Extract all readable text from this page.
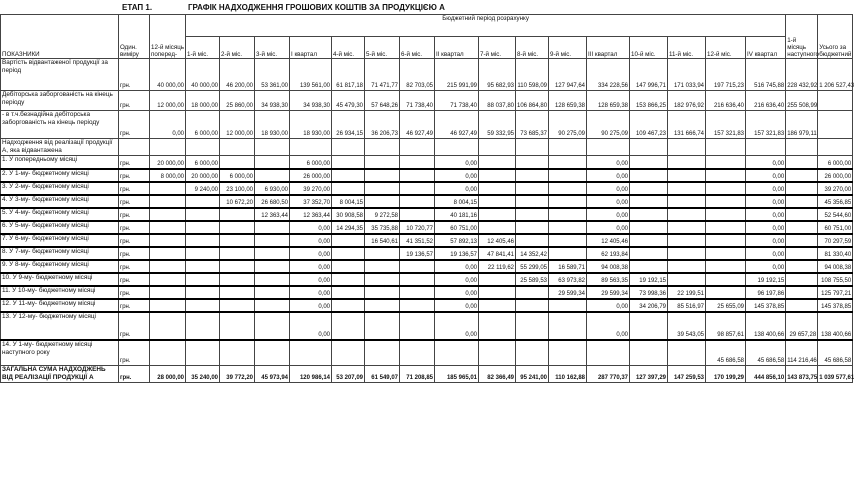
ЕТАП 1.	ГРАФІК НАДХОДЖЕННЯ ГРОШОВИХ КОШТІВ ЗА ПРОДУКЦІЄЮ А
ПОКАЗНИКИ	Один. виміру	12-й місяць поперед-	Бюджетний період розрахунку																1-й місяць наступного	Усього за бюджетний
			1-й міс.	2-й міс.	3-й міс.	І квартал	4-й міс.	5-й міс.	6-й міс.	ІІ квартал	7-й міс.	8-й міс.	9-й міс.	ІІІ квартал	10-й міс.	11-й міс.	12-й міс.	ІV квартал		
Вартість відвантаженої продукції за період	грн.	40 000,00	40 000,00	46 200,00	53 361,00	139 561,00	61 817,18	71 471,77	82 703,05	215 991,99	95 682,93	110 598,09	127 947,64	334 228,56	147 996,71	171 033,94	197 715,23	516 745,88	228 432,92	1 206 527,43
Дебіторська заборгованість на кінець періоду	грн.	12 000,00	18 000,00	25 860,00	34 938,30	34 938,30	45 479,30	57 648,26	71 738,40	71 738,40	88 037,80	106 864,80	128 659,38	128 659,38	153 866,25	182 976,92	216 636,40	216 636,40	255 508,99	
- в т.ч.безнадійна дебіторська заборгованість на кінець періоду	грн.	0,00	6 000,00	12 000,00	18 930,00	18 930,00	26 934,15	36 206,73	46 927,49	46 927,49	59 332,95	73 685,37	90 275,09	90 275,09	109 467,23	131 666,74	157 321,83	157 321,83	186 979,11	
Надходження від реалізації продукції А, яка відвантажена																				
1. У попередньому місяці	грн.	20 000,00	6 000,00			6 000,00				0,00				0,00				0,00		6 000,00
2. У 1-му- бюджетному місяці	грн.	8 000,00	20 000,00	6 000,00		26 000,00				0,00				0,00				0,00		26 000,00
3. У 2-му- бюджетному місяці	грн.		9 240,00	23 100,00	6 930,00	39 270,00				0,00				0,00				0,00		39 270,00
4. У 3-му- бюджетному місяці	грн.			10 672,20	26 680,50	37 352,70	8 004,15			8 004,15				0,00				0,00		45 356,85
5. У 4-му- бюджетному місяці	грн.				12 363,44	12 363,44	30 908,58	9 272,58		40 181,16				0,00				0,00		52 544,60
6. У 5-му- бюджетному місяці	грн.					0,00	14 294,35	35 735,88	10 720,77	60 751,00				0,00				0,00		60 751,00
7. У 6-му- бюджетному місяці	грн.					0,00		16 540,61	41 351,52	57 892,13	12 405,46			12 405,46				0,00		70 297,59
8. У 7-му- бюджетному місяці	грн.					0,00			19 136,57	19 136,57	47 841,41	14 352,42		62 193,84				0,00		81 330,40
9. У 8-му- бюджетному місяці	грн.					0,00				0,00	22 119,62	55 299,05	16 589,71	94 008,38				0,00		94 008,38
10. У 9-му- бюджетному місяці	грн.					0,00				0,00		25 589,53	63 973,82	89 563,35	19 192,15			19 192,15		108 755,50
11. У 10-му- бюджетному місяці	грн.					0,00				0,00			29 599,34	29 599,34	73 998,36	22 199,51		96 197,86		125 797,21
12. У 11-му- бюджетному місяці	грн.					0,00				0,00				0,00	34 206,79	85 516,97	25 655,09	145 378,85		145 378,85
13. У 12-му- бюджетному місяці	грн.					0,00				0,00				0,00		39 543,05	98 857,61	138 400,66	29 657,28	138 400,66
14. У 1-му- бюджетному місяці наступного року	грн.																45 686,58	45 686,58	114 216,46	45 686,58
ЗАГАЛЬНА СУМА НАДХОДЖЕНЬ ВІД РЕАЛІЗАЦІЇ ПРОДУКЦІЇ А	грн.	28 000,00	35 240,00	39 772,20	45 973,94	120 986,14	53 207,09	61 549,07	71 208,85	185 965,01	82 366,49	95 241,00	110 162,88	287 770,37	127 397,29	147 259,53	170 199,29	444 856,10	143 873,75	1 039 577,61
